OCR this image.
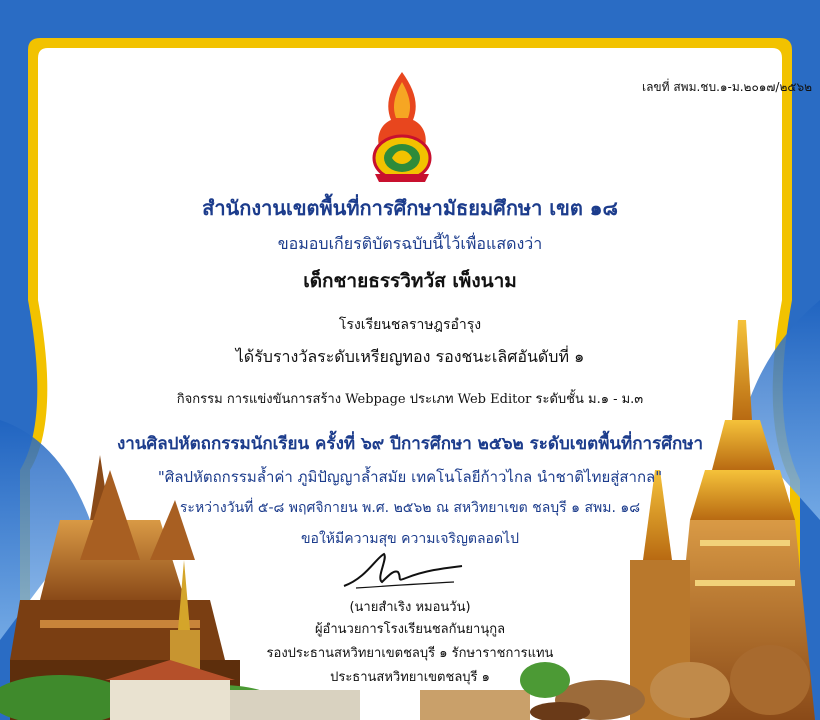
เลขที่ สพม.ชบ.๑-ม.๒๐๑๗/๒๕๖๒
สำนักงานเขตพื้นที่การศึกษามัธยมศึกษา เขต ๑๘
ขอมอบเกียรติบัตรฉบับนี้ไว้เพื่อแสดงว่า
เด็กชายธรรวิทวัส เพ็งนาม
โรงเรียนชลราษฎรอำรุง
ได้รับรางวัลระดับเหรียญทอง รองชนะเลิศอันดับที่ ๑
กิจกรรม การแข่งขันการสร้าง Webpage ประเภท Web Editor ระดับชั้น ม.๑ - ม.๓
งานศิลปหัตถกรรมนักเรียน ครั้งที่ ๖๙ ปีการศึกษา ๒๕๖๒ ระดับเขตพื้นที่การศึกษา
"ศิลปหัตถกรรมล้ำค่า ภูมิปัญญาล้ำสมัย เทคโนโลยีก้าวไกล นำชาติไทยสู่สากล"
ระหว่างวันที่ ๕-๘ พฤศจิกายน พ.ศ. ๒๕๖๒ ณ สหวิทยาเขต ชลบุรี ๑ สพม. ๑๘
ขอให้มีความสุข ความเจริญตลอดไป
(นายสำเริง หมอนวัน)
ผู้อำนวยการโรงเรียนชลกันยานุกูล
รองประธานสหวิทยาเขตชลบุรี ๑ รักษาราชการแทน
ประธานสหวิทยาเขตชลบุรี ๑
